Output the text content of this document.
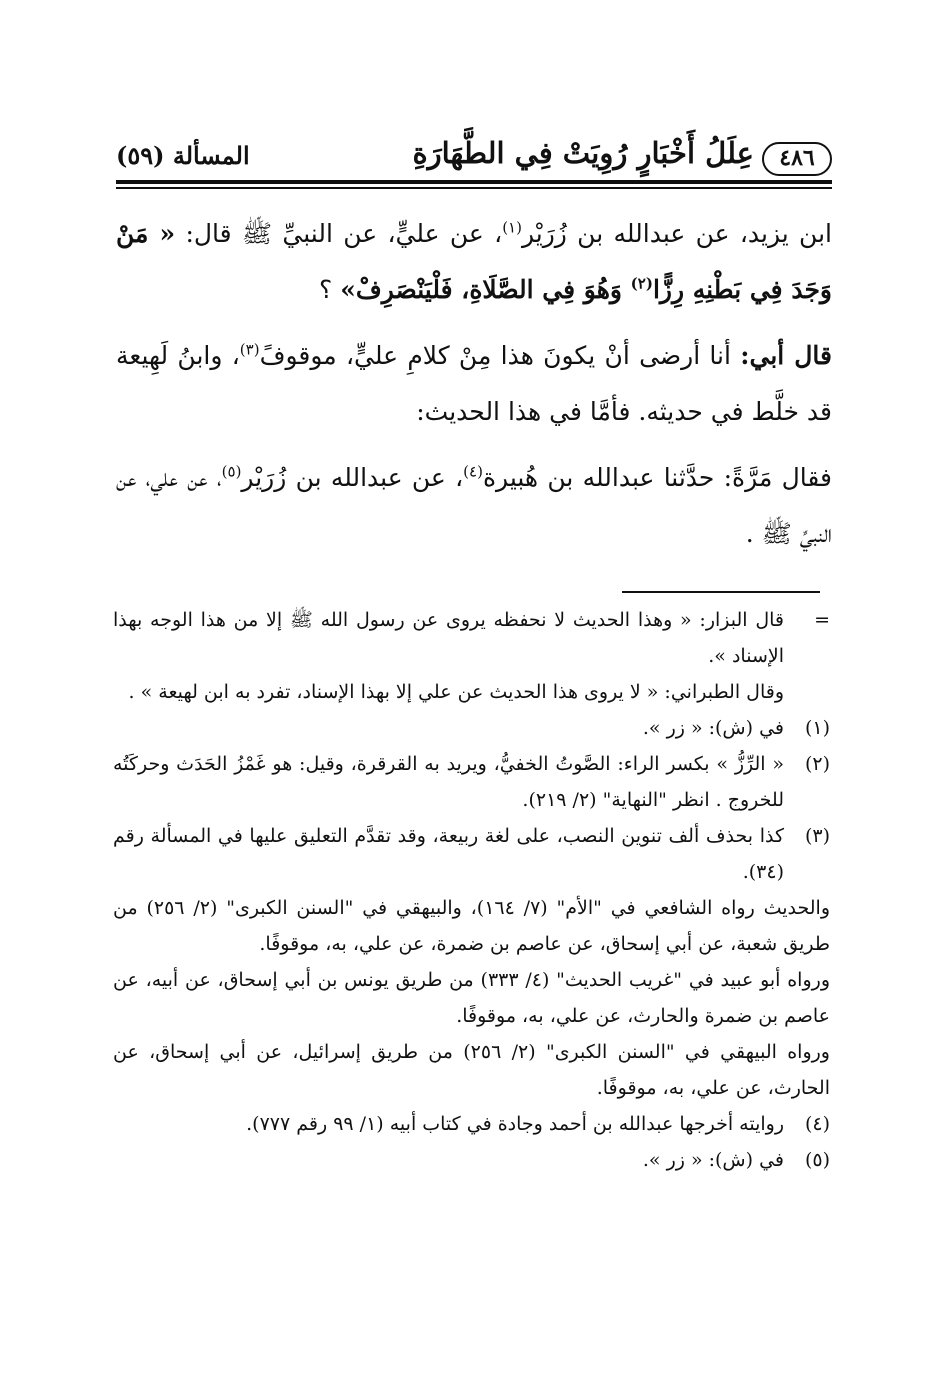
٤٨٦
عِلَلُ أَخْبَارٍ رُوِيَتْ فِي الطَّهَارَةِ
المسألة (٥٩)

ابن يزيد، عن عبدالله بن زُرَيْر$^{(١)}$، عن عليٍّ، عن النبيِّ ﷺ قال: « مَنْ وَجَدَ فِي بَطْنِهِ رِزًّا$^{(٢)}$ وَهُوَ فِي الصَّلَاةِ، فَلْيَنْصَرِفْ» ؟

قال أبي: أنا أرضى أنْ يكونَ هذا مِنْ كلامِ عليٍّ، موقوفً$^{(٣)}$، وابنُ لَهِيعة قد خلَّط في حديثه. فأمَّا في هذا الحديث:

فقال مَرَّةً: حدَّثنا عبدالله بن هُبيرة$^{(٤)}$، عن عبدالله بن زُرَيْر$^{(٥)}$، عن علي، عن النبيِّ ﷺ .

=

قال البزار: « وهذا الحديث لا نحفظه يروى عن رسول الله ﷺ إلا من هذا الوجه بهذا الإسناد ».

وقال الطبراني: « لا يروى هذا الحديث عن علي إلا بهذا الإسناد، تفرد به ابن لهيعة » .

(١)

في (ش): « زر ».

(٢)

« الرِّزُّ » بكسر الراء: الصَّوتُ الخفيُّ، ويريد به القرقرة، وقيل: هو غَمْزُ الحَدَث وحركَتُه للخروج . انظر "النهاية" (٢/ ٢١٩).

(٣)

كذا بحذف ألف تنوين النصب، على لغة ربيعة، وقد تقدَّم التعليق عليها في المسألة رقم (٣٤).

والحديث رواه الشافعي في "الأم" (٧/ ١٦٤)، والبيهقي في "السنن الكبرى" (٢/ ٢٥٦) من طريق شعبة، عن أبي إسحاق، عن عاصم بن ضمرة، عن علي، به، موقوفًا.

ورواه أبو عبيد في "غريب الحديث" (٤/ ٣٣٣) من طريق يونس بن أبي إسحاق، عن أبيه، عن عاصم بن ضمرة والحارث، عن علي، به، موقوفًا.

ورواه البيهقي في "السنن الكبرى" (٢/ ٢٥٦) من طريق إسرائيل، عن أبي إسحاق، عن الحارث، عن علي، به، موقوفًا.

(٤)

روايته أخرجها عبدالله بن أحمد وجادة في كتاب أبيه (١/ ٩٩ رقم ٧٧٧).

(٥)

في (ش): « زر ».
